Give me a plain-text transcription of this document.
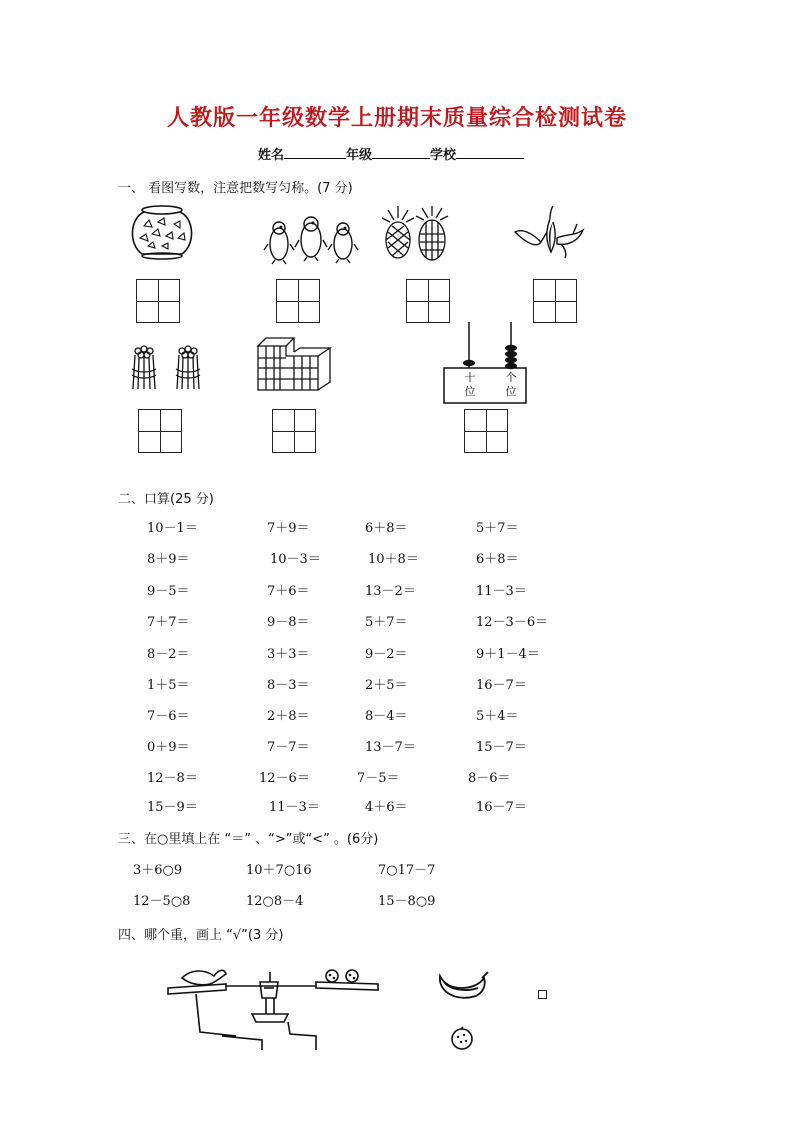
人教版一年级数学上册期末质量综合检测试卷
姓名	年级	学校
一、 看图写数，注意把数写匀称。(7 分)
十
位
个
位
二、口算(25 分)
10－1＝	7＋9＝	6＋8＝	5＋7＝
8＋9＝	10－3＝	10＋8＝	6＋8＝
9－5＝	7＋6＝	13－2＝	11－3＝
7＋7＝	9－8＝	5＋7＝	12－3－6＝
8－2＝	3＋3＝	9－2＝	9＋1－4＝
1＋5＝	8－3＝	2＋5＝	16－7＝
7－6＝	2＋8＝	8－4＝	5＋4＝
0＋9＝	7－7＝	13－7＝	15－7＝
12－8＝	12－6＝	7－5＝	8－6＝
15－9＝	11－3＝	4＋6＝	16－7＝
三、在○里填上在 “＝” 、“>”或“<” 。(6分)
3＋6○9	10＋7○16	7○17－7
12－5○8	12○8－4	15－8○9
四、哪个重，画上 “√”(3 分)
